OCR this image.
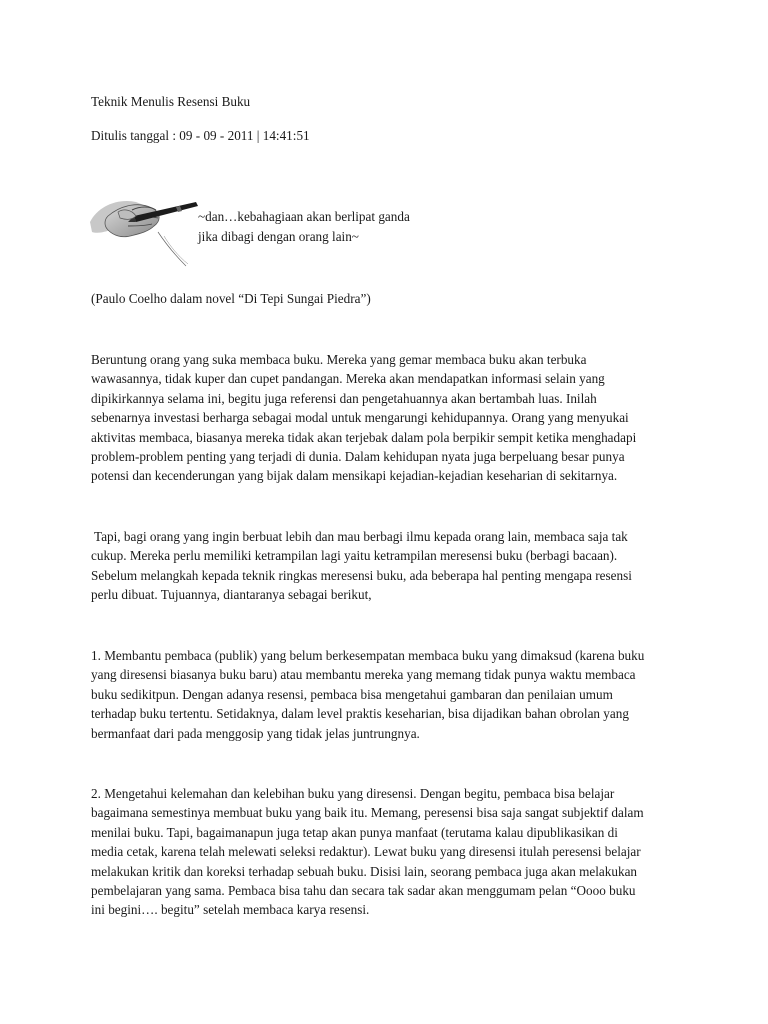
Teknik Menulis Resensi Buku

Ditulis tanggal : 09 - 09 - 2011 | 14:41:51

~dan…kebahagiaan akan berlipat ganda
jika dibagi dengan orang lain~

(Paulo Coelho dalam novel “Di Tepi Sungai Piedra”)

Beruntung orang yang suka membaca buku. Mereka yang gemar membaca buku akan terbuka
wawasannya, tidak kuper dan cupet pandangan. Mereka akan mendapatkan informasi selain yang
dipikirkannya selama ini, begitu juga referensi dan pengetahuannya akan bertambah luas. Inilah
sebenarnya investasi berharga sebagai modal untuk mengarungi kehidupannya. Orang yang menyukai
aktivitas membaca, biasanya mereka tidak akan terjebak dalam pola berpikir sempit ketika menghadapi
problem-problem penting yang terjadi di dunia. Dalam kehidupan nyata juga berpeluang besar punya
potensi dan kecenderungan yang bijak dalam mensikapi kejadian-kejadian keseharian di sekitarnya.
Tapi, bagi orang yang ingin berbuat lebih dan mau berbagi ilmu kepada orang lain, membaca saja tak
cukup. Mereka perlu memiliki ketrampilan lagi yaitu ketrampilan meresensi buku (berbagi bacaan).
Sebelum melangkah kepada teknik ringkas meresensi buku, ada beberapa hal penting mengapa resensi
perlu dibuat. Tujuannya, diantaranya sebagai berikut,
1. Membantu pembaca (publik) yang belum berkesempatan membaca buku yang dimaksud (karena buku
yang diresensi biasanya buku baru) atau membantu mereka yang memang tidak punya waktu membaca
buku sedikitpun. Dengan adanya resensi, pembaca bisa mengetahui gambaran dan penilaian umum
terhadap buku tertentu. Setidaknya, dalam level praktis keseharian, bisa dijadikan bahan obrolan yang
bermanfaat dari pada menggosip yang tidak jelas juntrungnya.
2. Mengetahui kelemahan dan kelebihan buku yang diresensi. Dengan begitu, pembaca bisa belajar
bagaimana semestinya membuat buku yang baik itu. Memang, peresensi bisa saja sangat subjektif dalam
menilai buku. Tapi, bagaimanapun juga tetap akan punya manfaat (terutama kalau dipublikasikan di
media cetak, karena telah melewati seleksi redaktur). Lewat buku yang diresensi itulah peresensi belajar
melakukan kritik dan koreksi terhadap sebuah buku. Disisi lain, seorang pembaca juga akan melakukan
pembelajaran yang sama. Pembaca bisa tahu dan secara tak sadar akan menggumam pelan “Oooo buku
ini begini…. begitu” setelah membaca karya resensi.
